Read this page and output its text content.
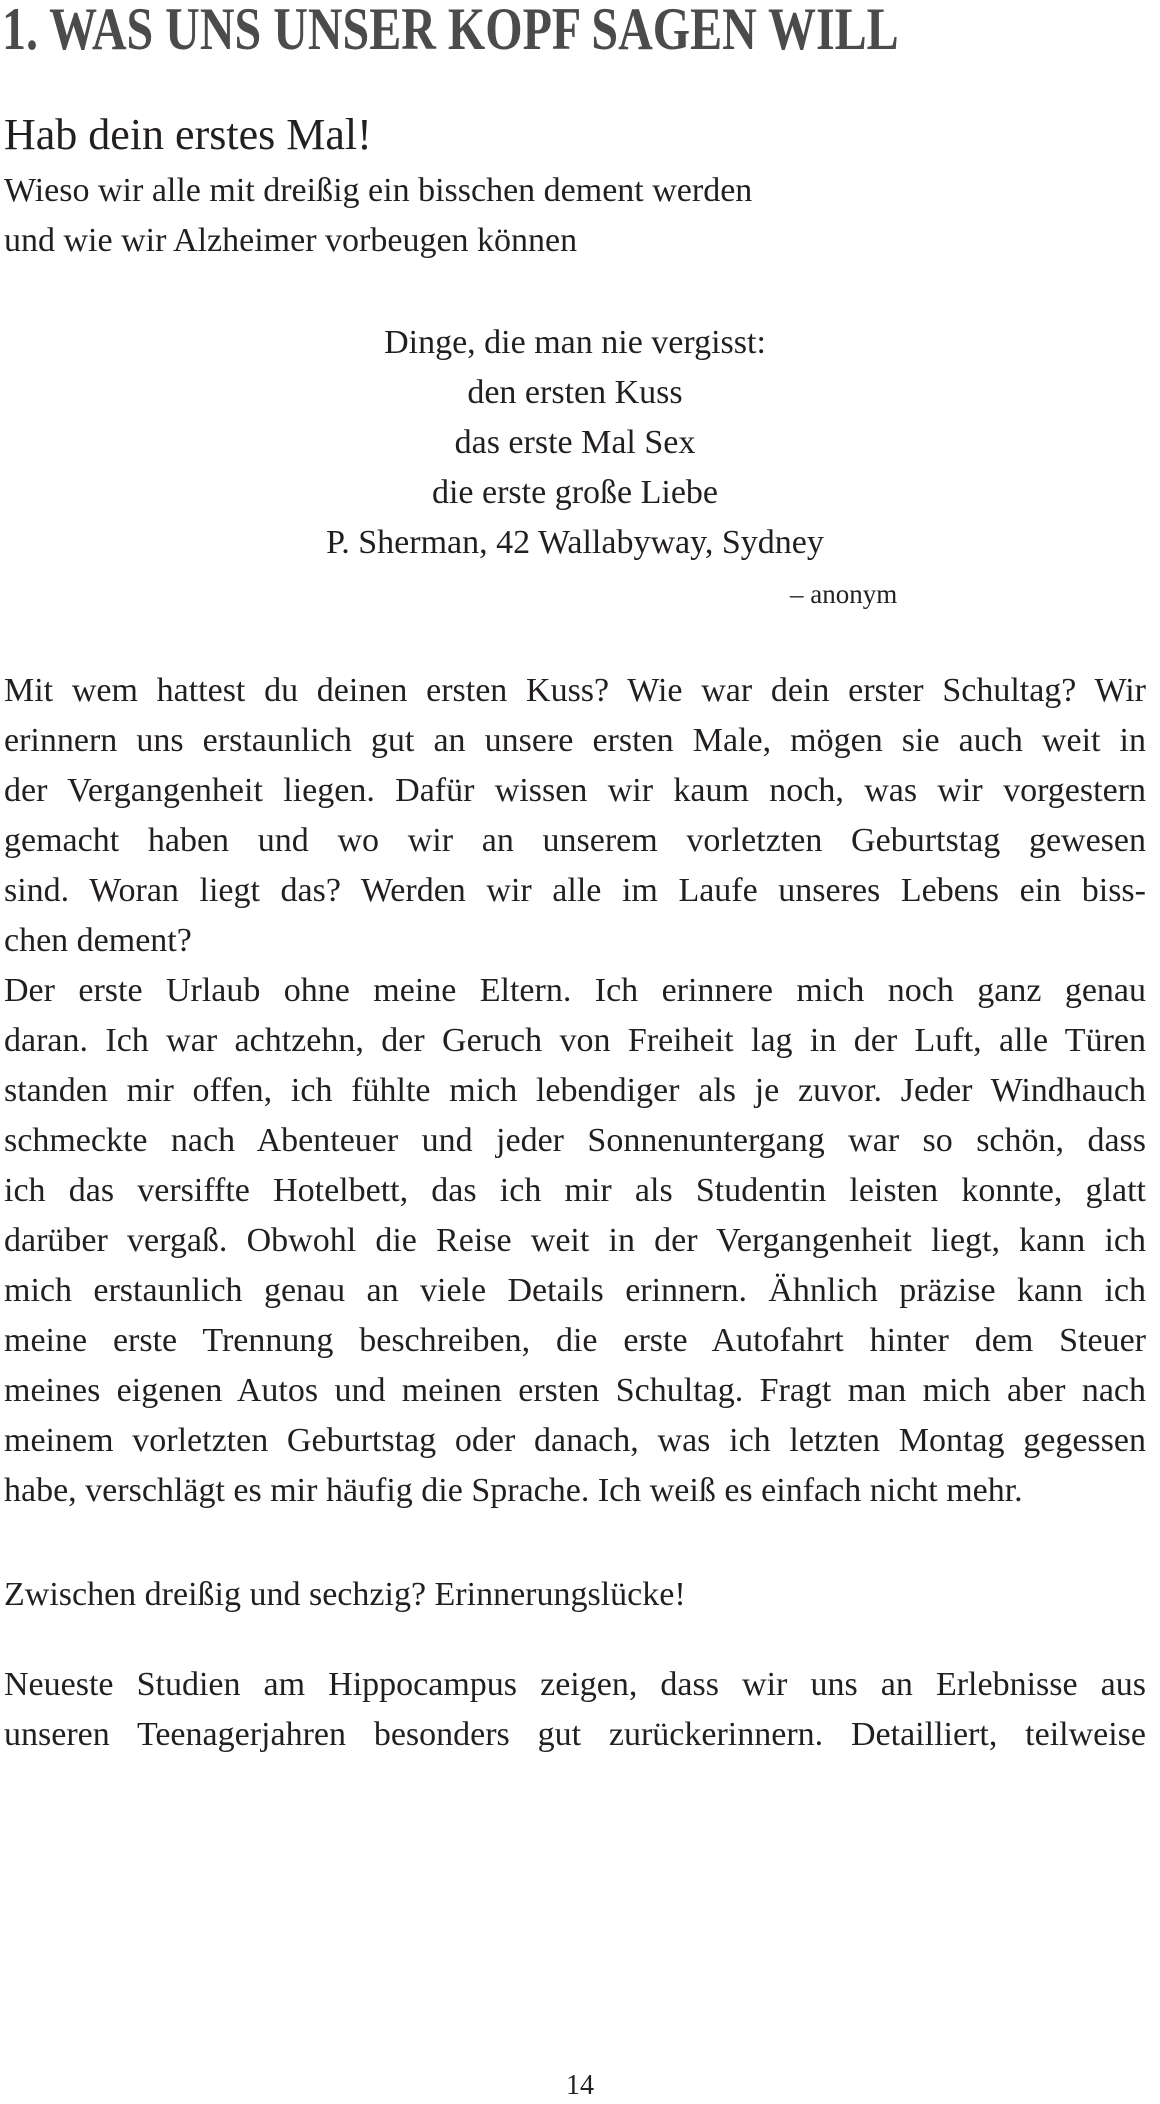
1. WAS UNS UNSER KOPF SAGEN WILL
Hab dein erstes Mal!
Wieso wir alle mit dreißig ein bisschen dement werden
und wie wir Alzheimer vorbeugen können
Dinge, die man nie vergisst:
den ersten Kuss
das erste Mal Sex
die erste große Liebe
P. Sherman, 42 Wallabyway, Sydney
– anonym
Mit wem hattest du deinen ersten Kuss? Wie war dein erster Schultag? Wir
erinnern uns erstaunlich gut an unsere ersten Male, mögen sie auch weit in
der Vergangenheit liegen. Dafür wissen wir kaum noch, was wir vorgestern
gemacht haben und wo wir an unserem vorletzten Geburtstag gewesen
sind. Woran liegt das? Werden wir alle im Laufe unseres Lebens ein biss-
chen dement?
Der erste Urlaub ohne meine Eltern. Ich erinnere mich noch ganz genau
daran. Ich war achtzehn, der Geruch von Freiheit lag in der Luft, alle Türen
standen mir offen, ich fühlte mich lebendiger als je zuvor. Jeder Windhauch
schmeckte nach Abenteuer und jeder Sonnenuntergang war so schön, dass
ich das versiffte Hotelbett, das ich mir als Studentin leisten konnte, glatt
darüber vergaß. Obwohl die Reise weit in der Vergangenheit liegt, kann ich
mich erstaunlich genau an viele Details erinnern. Ähnlich präzise kann ich
meine erste Trennung beschreiben, die erste Autofahrt hinter dem Steuer
meines eigenen Autos und meinen ersten Schultag. Fragt man mich aber nach
meinem vorletzten Geburtstag oder danach, was ich letzten Montag gegessen
habe, verschlägt es mir häufig die Sprache. Ich weiß es einfach nicht mehr.
Zwischen dreißig und sechzig? Erinnerungslücke!
Neueste Studien am Hippocampus zeigen, dass wir uns an Erlebnisse aus
unseren Teenagerjahren besonders gut zurückerinnern. Detailliert, teilweise
14
